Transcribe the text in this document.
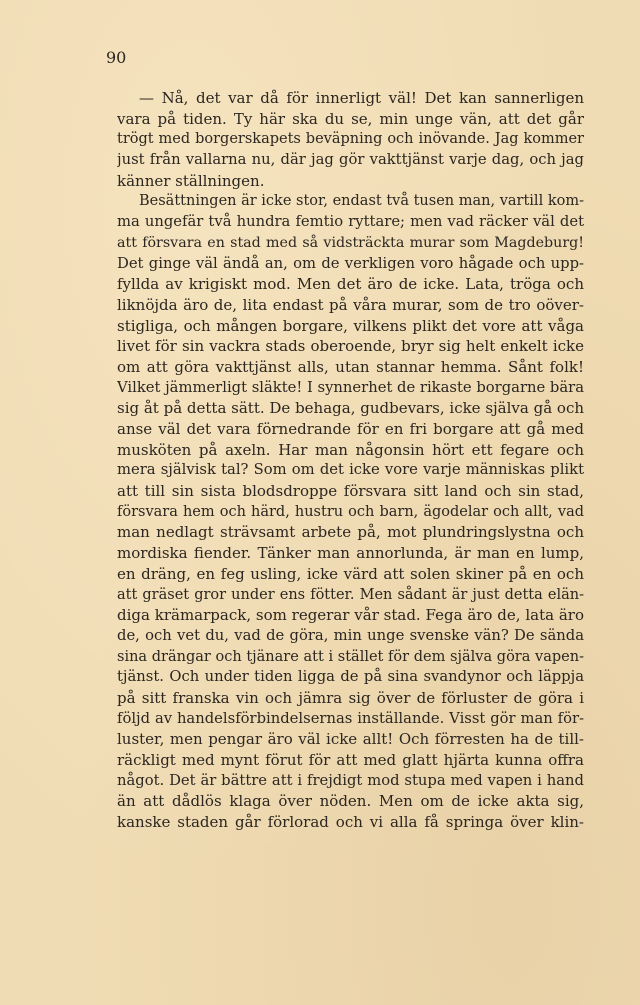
90
— Nå, det var då för innerligt väl! Det kan sannerligen
vara på tiden. Ty här ska du se, min unge vän, att det går
trögt med borgerskapets beväpning och inövande. Jag kommer
just från vallarna nu, där jag gör vakttjänst varje dag, och jag
känner ställningen.
Besättningen är icke stor, endast två tusen man, vartill kom-
ma ungefär två hundra femtio ryttare; men vad räcker väl det
att försvara en stad med så vidsträckta murar som Magdeburg!
Det ginge väl ändå an, om de verkligen voro hågade och upp-
fyllda av krigiskt mod. Men det äro de icke. Lata, tröga och
liknöjda äro de, lita endast på våra murar, som de tro oöver-
stigliga, och mången borgare, vilkens plikt det vore att våga
livet för sin vackra stads oberoende, bryr sig helt enkelt icke
om att göra vakttjänst alls, utan stannar hemma. Sånt folk!
Vilket jämmerligt släkte! I synnerhet de rikaste borgarne bära
sig åt på detta sätt. De behaga, gudbevars, icke själva gå och
anse väl det vara förnedrande för en fri borgare att gå med
musköten på axeln. Har man någonsin hört ett fegare och
mera självisk tal? Som om det icke vore varje människas plikt
att till sin sista blodsdroppe försvara sitt land och sin stad,
försvara hem och härd, hustru och barn, ägodelar och allt, vad
man nedlagt strävsamt arbete på, mot plundringslystna och
mordiska fiender. Tänker man annorlunda, är man en lump,
en dräng, en feg usling, icke värd att solen skiner på en och
att gräset gror under ens fötter. Men sådant är just detta elän-
diga krämarpack, som regerar vår stad. Fega äro de, lata äro
de, och vet du, vad de göra, min unge svenske vän? De sända
sina drängar och tjänare att i stället för dem själva göra vapen-
tjänst. Och under tiden ligga de på sina svandynor och läppja
på sitt franska vin och jämra sig över de förluster de göra i
följd av handelsförbindelsernas inställande. Visst gör man för-
luster, men pengar äro väl icke allt! Och förresten ha de till-
räckligt med mynt förut för att med glatt hjärta kunna offra
något. Det är bättre att i frejdigt mod stupa med vapen i hand
än att dådlös klaga över nöden. Men om de icke akta sig,
kanske staden går förlorad och vi alla få springa över klin-
